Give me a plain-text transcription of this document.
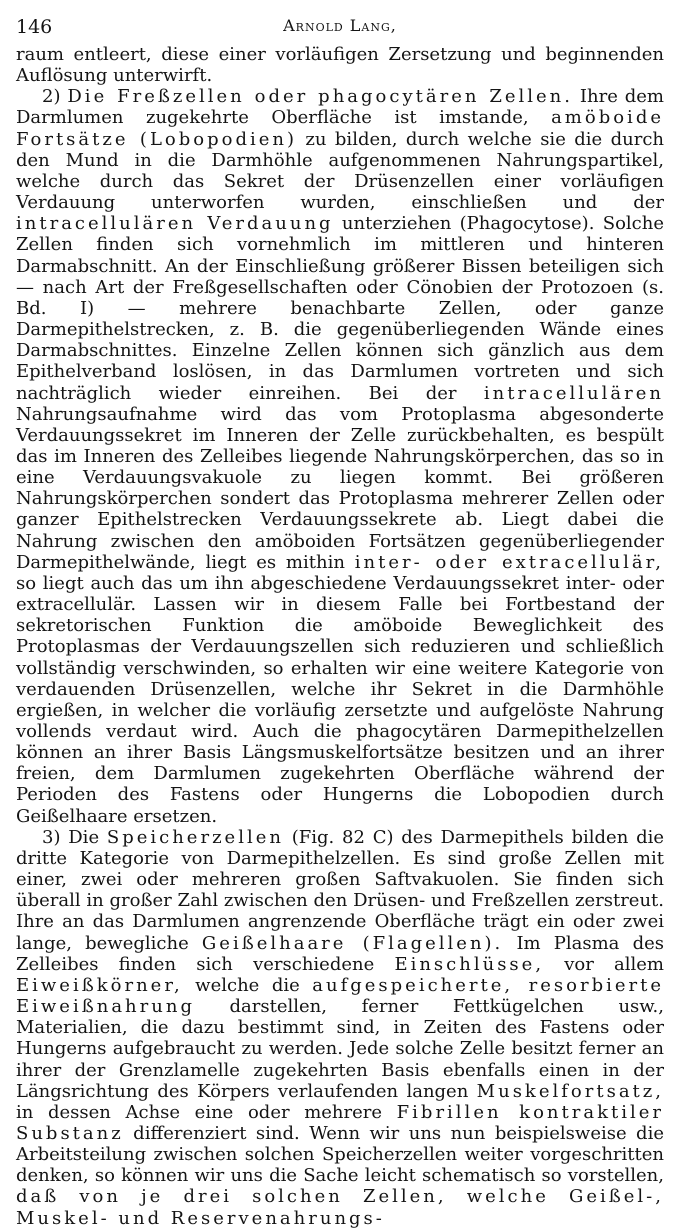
146	Arnold Lang,

raum entleert, diese einer vorläufigen Zersetzung und beginnenden Auflösung unterwirft.

2) Die Freßzellen oder phagocytären Zellen. Ihre dem Darmlumen zugekehrte Oberfläche ist imstande, amöboide Fortsätze (Lobopodien) zu bilden, durch welche sie die durch den Mund in die Darmhöhle aufgenommenen Nahrungspartikel, welche durch das Sekret der Drüsenzellen einer vorläufigen Verdauung unterworfen wurden, einschließen und der intracellulären Verdauung unterziehen (Phagocytose). Solche Zellen finden sich vornehmlich im mittleren und hinteren Darmabschnitt. An der Einschließung größerer Bissen beteiligen sich — nach Art der Freßgesellschaften oder Cönobien der Protozoen (s. Bd. I) — mehrere benachbarte Zellen, oder ganze Darmepithelstrecken, z. B. die gegenüberliegenden Wände eines Darmabschnittes. Einzelne Zellen können sich gänzlich aus dem Epithelverband loslösen, in das Darmlumen vortreten und sich nachträglich wieder einreihen. Bei der intracellulären Nahrungsaufnahme wird das vom Protoplasma abgesonderte Verdauungssekret im Inneren der Zelle zurückbehalten, es bespült das im Inneren des Zelleibes liegende Nahrungskörperchen, das so in eine Verdauungsvakuole zu liegen kommt. Bei größeren Nahrungskörperchen sondert das Protoplasma mehrerer Zellen oder ganzer Epithelstrecken Verdauungssekrete ab. Liegt dabei die Nahrung zwischen den amöboiden Fortsätzen gegenüberliegender Darmepithelwände, liegt es mithin inter- oder extracellulär, so liegt auch das um ihn abgeschiedene Verdauungssekret inter- oder extracellulär. Lassen wir in diesem Falle bei Fortbestand der sekretorischen Funktion die amöboide Beweglichkeit des Protoplasmas der Verdauungszellen sich reduzieren und schließlich vollständig verschwinden, so erhalten wir eine weitere Kategorie von verdauenden Drüsenzellen, welche ihr Sekret in die Darmhöhle ergießen, in welcher die vorläufig zersetzte und aufgelöste Nahrung vollends verdaut wird. Auch die phagocytären Darmepithelzellen können an ihrer Basis Längsmuskelfortsätze besitzen und an ihrer freien, dem Darmlumen zugekehrten Oberfläche während der Perioden des Fastens oder Hungerns die Lobopodien durch Geißelhaare ersetzen.

3) Die Speicherzellen (Fig. 82 C) des Darmepithels bilden die dritte Kategorie von Darmepithelzellen. Es sind große Zellen mit einer, zwei oder mehreren großen Saftvakuolen. Sie finden sich überall in großer Zahl zwischen den Drüsen- und Freßzellen zerstreut. Ihre an das Darmlumen angrenzende Oberfläche trägt ein oder zwei lange, bewegliche Geißelhaare (Flagellen). Im Plasma des Zelleibes finden sich verschiedene Einschlüsse, vor allem Eiweißkörner, welche die aufgespeicherte, resorbierte Eiweißnahrung darstellen, ferner Fettkügelchen usw., Materialien, die dazu bestimmt sind, in Zeiten des Fastens oder Hungerns aufgebraucht zu werden. Jede solche Zelle besitzt ferner an ihrer der Grenzlamelle zugekehrten Basis ebenfalls einen in der Längsrichtung des Körpers verlaufenden langen Muskelfortsatz, in dessen Achse eine oder mehrere Fibrillen kontraktiler Substanz differenziert sind. Wenn wir uns nun beispielsweise die Arbeitsteilung zwischen solchen Speicherzellen weiter vorgeschritten denken, so können wir uns die Sache leicht schematisch so vorstellen, daß von je drei solchen Zellen, welche Geißel-, Muskel- und Reservenahrungs-
